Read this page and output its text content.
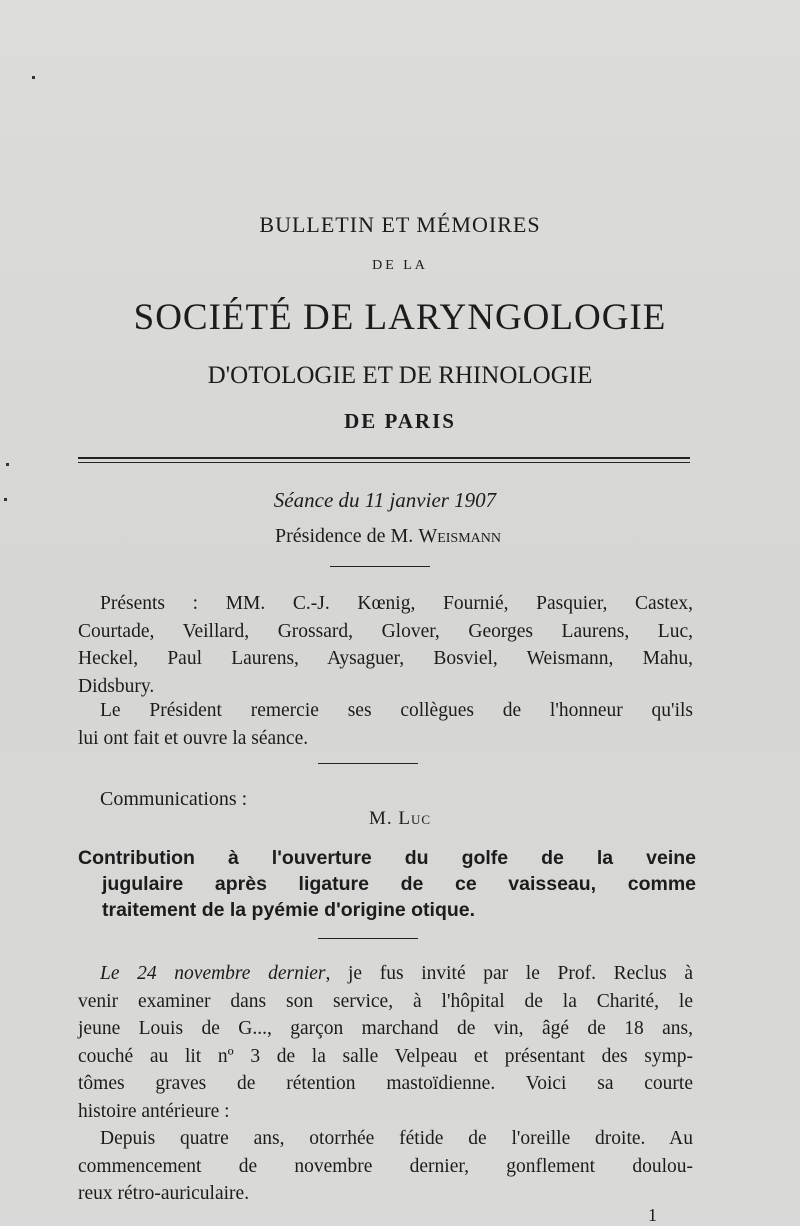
BULLETIN ET MÉMOIRES
DE LA
SOCIÉTÉ DE LARYNGOLOGIE
D'OTOLOGIE ET DE RHINOLOGIE
DE PARIS
Séance du 11 janvier 1907
Présidence de M. Weismann
Présents : MM. C.-J. Kœnig, Fournié, Pasquier, Castex,
Courtade, Veillard, Grossard, Glover, Georges Laurens, Luc,
Heckel, Paul Laurens, Aysaguer, Bosviel, Weismann, Mahu,
Didsbury.
Le Président remercie ses collègues de l'honneur qu'ils
lui ont fait et ouvre la séance.
Communications :
M. Luc
Contribution à l'ouverture du golfe de la veine
jugulaire après ligature de ce vaisseau, comme
traitement de la pyémie d'origine otique.
Le 24 novembre dernier, je fus invité par le Prof. Reclus à
venir examiner dans son service, à l'hôpital de la Charité, le
jeune Louis de G..., garçon marchand de vin, âgé de 18 ans,
couché au lit nº 3 de la salle Velpeau et présentant des symp-
tômes graves de rétention mastoïdienne. Voici sa courte
histoire antérieure :
Depuis quatre ans, otorrhée fétide de l'oreille droite. Au
commencement de novembre dernier, gonflement doulou-
reux rétro-auriculaire.
1
